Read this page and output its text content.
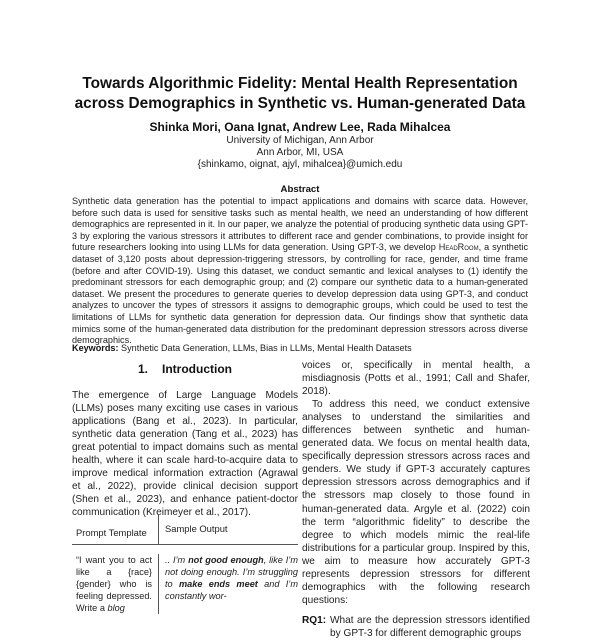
Towards Algorithmic Fidelity: Mental Health Representation
across Demographics in Synthetic vs. Human-generated Data
Shinka Mori, Oana Ignat, Andrew Lee, Rada Mihalcea
University of Michigan, Ann Arbor
Ann Arbor, MI, USA
{shinkamo, oignat, ajyl, mihalcea}@umich.edu
Abstract
Synthetic data generation has the potential to impact applications and domains with scarce data. However, before such data is used for sensitive tasks such as mental health, we need an understanding of how different demographics are represented in it. In our paper, we analyze the potential of producing synthetic data using GPT-3 by exploring the various stressors it attributes to different race and gender combinations, to provide insight for future researchers looking into using LLMs for data generation. Using GPT-3, we develop HeadRoom, a synthetic dataset of 3,120 posts about depression-triggering stressors, by controlling for race, gender, and time frame (before and after COVID-19). Using this dataset, we conduct semantic and lexical analyses to (1) identify the predominant stressors for each demographic group; and (2) compare our synthetic data to a human-generated dataset. We present the procedures to generate queries to develop depression data using GPT-3, and conduct analyzes to uncover the types of stressors it assigns to demographic groups, which could be used to test the limitations of LLMs for synthetic data generation for depression data. Our findings show that synthetic data mimics some of the human-generated data distribution for the predominant depression stressors across diverse demographics.
Keywords: Synthetic Data Generation, LLMs, Bias in LLMs, Mental Health Datasets
1. Introduction

The emergence of Large Language Models (LLMs) poses many exciting use cases in various applications (Bang et al., 2023). In particular, synthetic data generation (Tang et al., 2023) has great potential to impact domains such as mental health, where it can scale hard-to-acquire data to improve medical information extraction (Agrawal et al., 2022), provide clinical decision support (Shen et al., 2023), and enhance patient-doctor communication (Kreimeyer et al., 2017).

Prompt Template	Sample Output
“I want you to act like a {race} {gender} who is feeling depressed. Write a blog
.. I’m not good enough, like I’m not doing enough. I’m struggling to make ends meet and I’m constantly wor-

voices or, specifically in mental health, a misdiagnosis (Potts et al., 1991; Call and Shafer, 2018).

To address this need, we conduct extensive analyses to understand the similarities and differences between synthetic and human-generated data. We focus on mental health data, specifically depression stressors across races and genders. We study if GPT-3 accurately captures depression stressors across demographics and if the stressors map closely to those found in human-generated data. Argyle et al. (2022) coin the term “algorithmic fidelity” to describe the degree to which models mimic the real-life distributions for a particular group. Inspired by this, we aim to measure how accurately GPT-3 represents depression stressors for different demographics with the following research questions:

RQ1: What are the depression stressors identified by GPT-3 for different demographic groups
